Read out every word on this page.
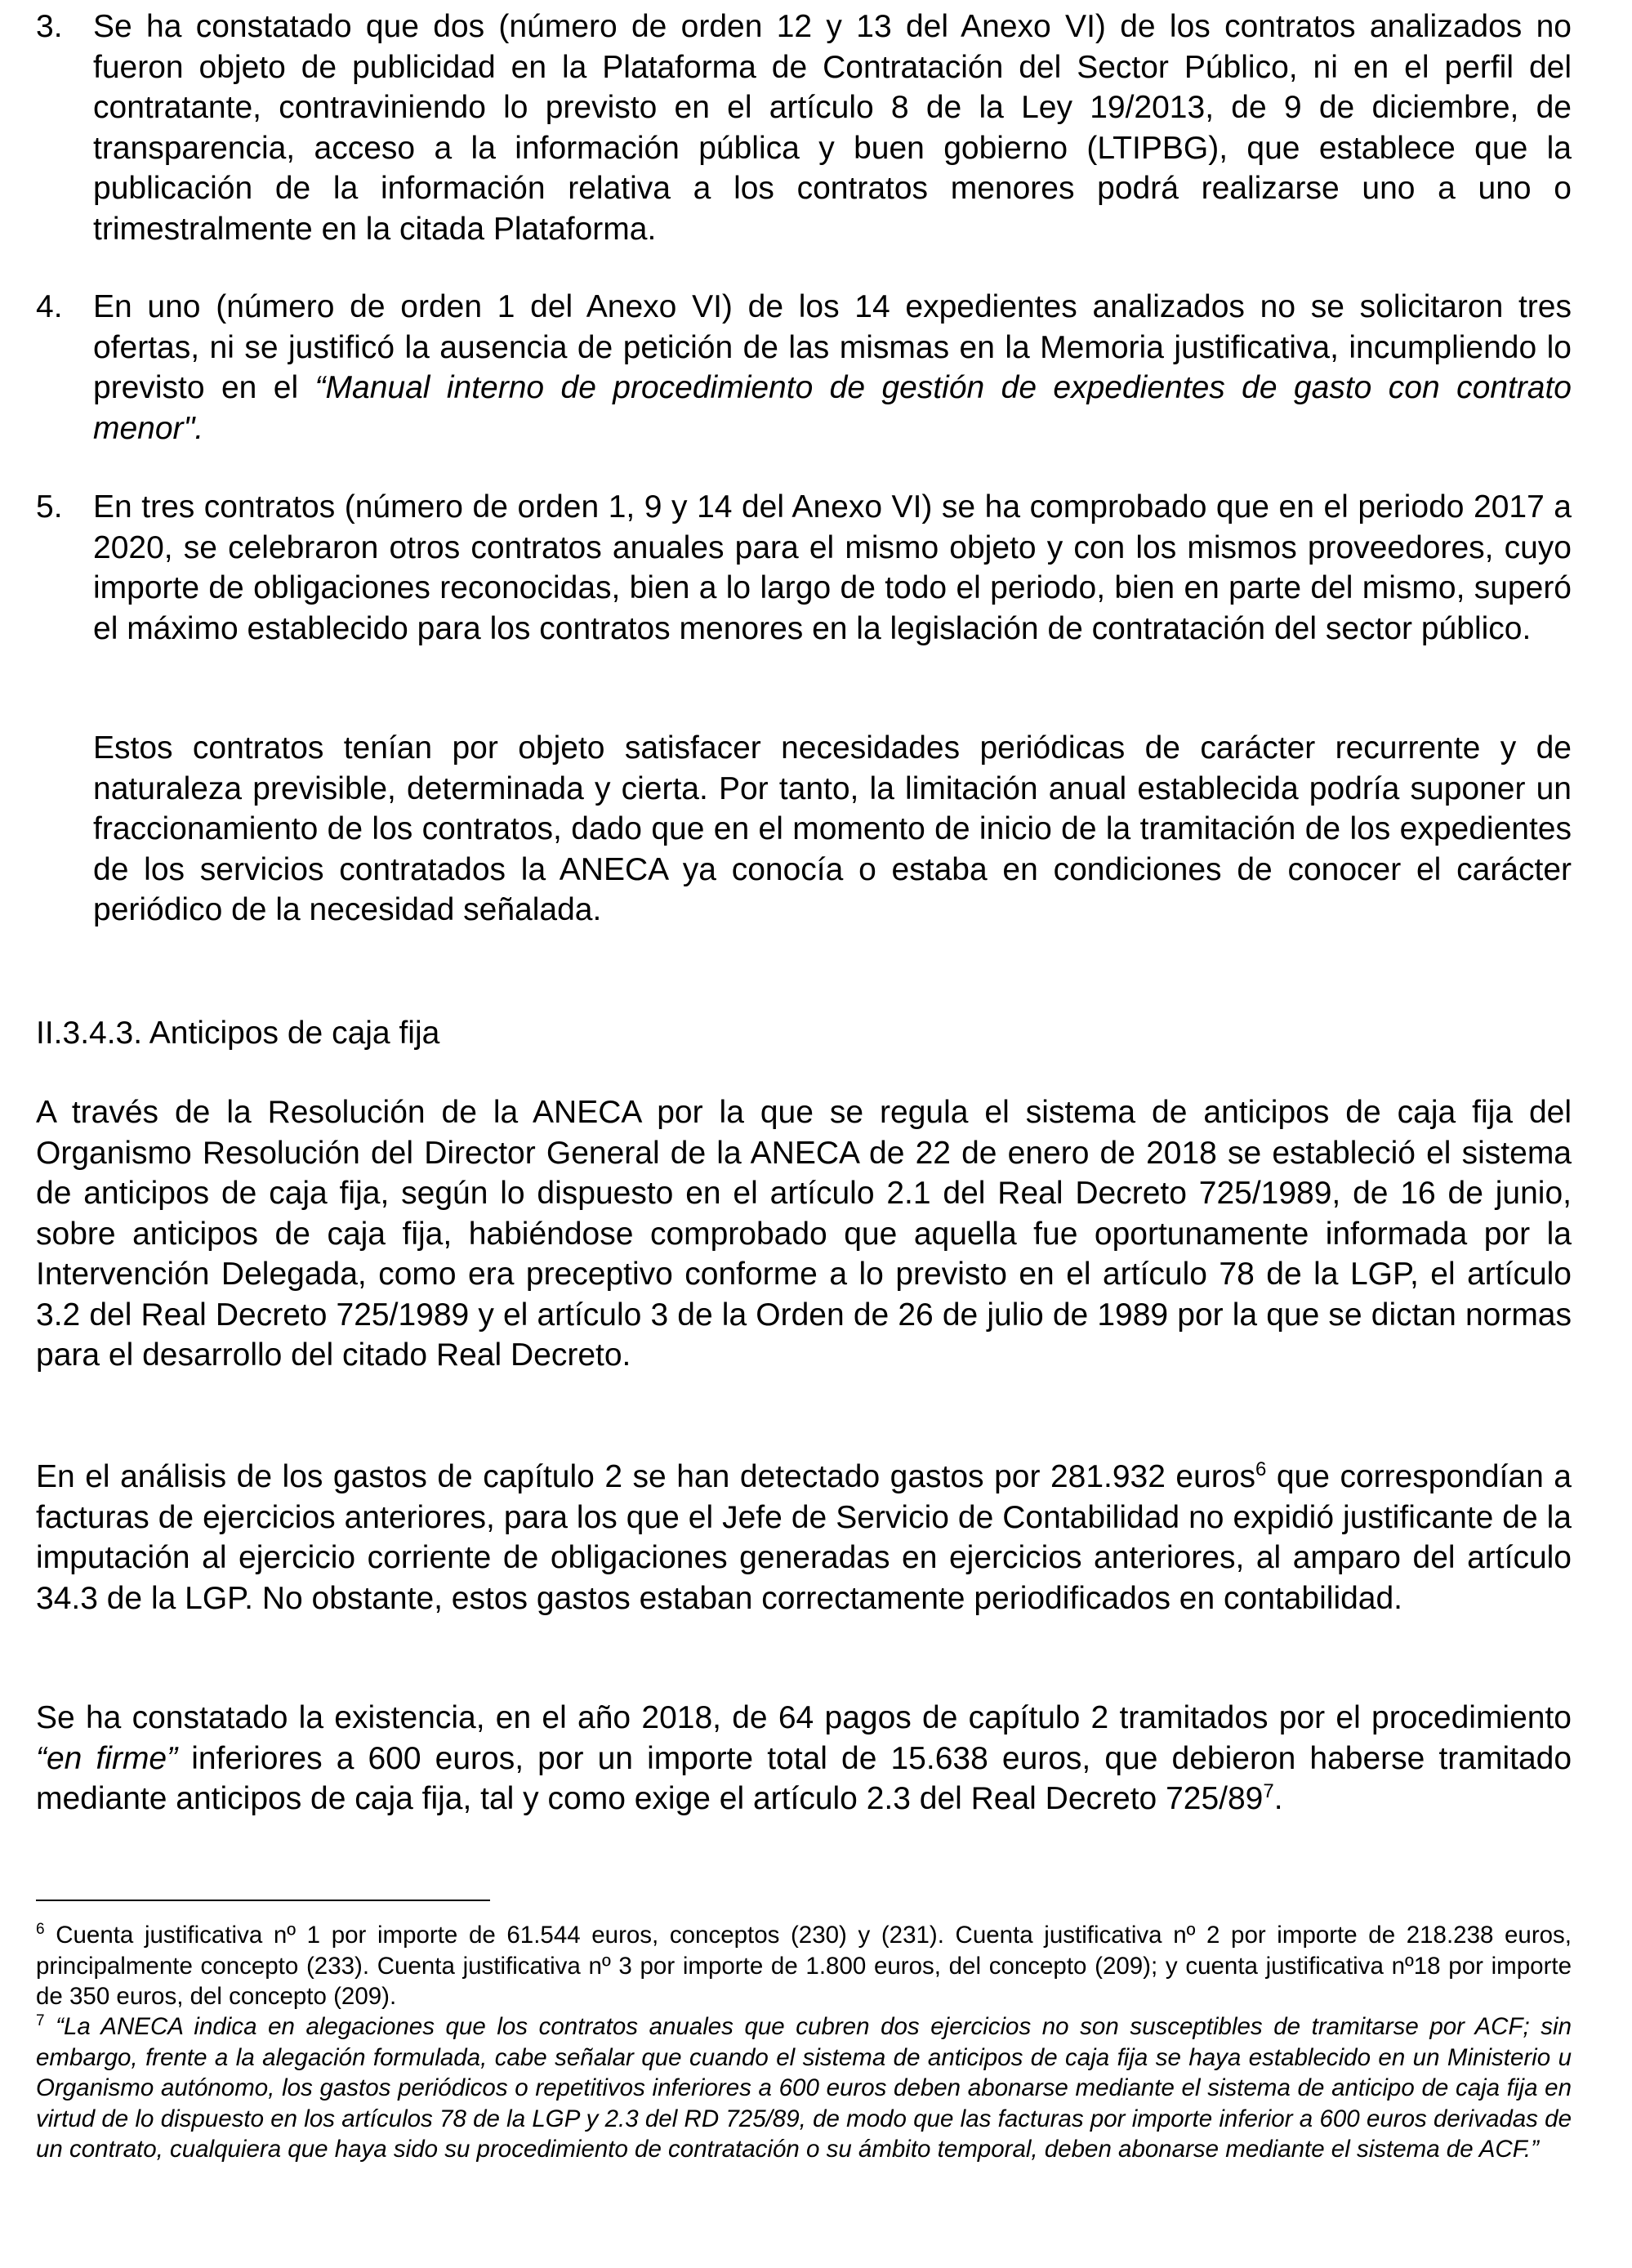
3. Se ha constatado que dos (número de orden 12 y 13 del Anexo VI) de los contratos analizados no fueron objeto de publicidad en la Plataforma de Contratación del Sector Público, ni en el perfil del contratante, contraviniendo lo previsto en el artículo 8 de la Ley 19/2013, de 9 de diciembre, de transparencia, acceso a la información pública y buen gobierno (LTIPBG), que establece que la publicación de la información relativa a los contratos menores podrá realizarse uno a uno o trimestralmente en la citada Plataforma.
4. En uno (número de orden 1 del Anexo VI) de los 14 expedientes analizados no se solicitaron tres ofertas, ni se justificó la ausencia de petición de las mismas en la Memoria justificativa, incumpliendo lo previsto en el “Manual interno de procedimiento de gestión de expedientes de gasto con contrato menor".
5. En tres contratos (número de orden 1, 9 y 14 del Anexo VI) se ha comprobado que en el periodo 2017 a 2020, se celebraron otros contratos anuales para el mismo objeto y con los mismos proveedores, cuyo importe de obligaciones reconocidas, bien a lo largo de todo el periodo, bien en parte del mismo, superó el máximo establecido para los contratos menores en la legislación de contratación del sector público.
Estos contratos tenían por objeto satisfacer necesidades periódicas de carácter recurrente y de naturaleza previsible, determinada y cierta. Por tanto, la limitación anual establecida podría suponer un fraccionamiento de los contratos, dado que en el momento de inicio de la tramitación de los expedientes de los servicios contratados la ANECA ya conocía o estaba en condiciones de conocer el carácter periódico de la necesidad señalada.
II.3.4.3. Anticipos de caja fija
A través de la Resolución de la ANECA por la que se regula el sistema de anticipos de caja fija del Organismo Resolución del Director General de la ANECA de 22 de enero de 2018 se estableció el sistema de anticipos de caja fija, según lo dispuesto en el artículo 2.1 del Real Decreto 725/1989, de 16 de junio, sobre anticipos de caja fija, habiéndose comprobado que aquella fue oportunamente informada por la Intervención Delegada, como era preceptivo conforme a lo previsto en el artículo 78 de la LGP, el artículo 3.2 del Real Decreto 725/1989 y el artículo 3 de la Orden de 26 de julio de 1989 por la que se dictan normas para el desarrollo del citado Real Decreto.
En el análisis de los gastos de capítulo 2 se han detectado gastos por 281.932 euros$^6$ que correspondían a facturas de ejercicios anteriores, para los que el Jefe de Servicio de Contabilidad no expidió justificante de la imputación al ejercicio corriente de obligaciones generadas en ejercicios anteriores, al amparo del artículo 34.3 de la LGP. No obstante, estos gastos estaban correctamente periodificados en contabilidad.
Se ha constatado la existencia, en el año 2018, de 64 pagos de capítulo 2 tramitados por el procedimiento “en firme” inferiores a 600 euros, por un importe total de 15.638 euros, que debieron haberse tramitado mediante anticipos de caja fija, tal y como exige el artículo 2.3 del Real Decreto $725/89^7$.
$^6$ Cuenta justificativa nº 1 por importe de 61.544 euros, conceptos (230) y (231). Cuenta justificativa nº 2 por importe de 218.238 euros, principalmente concepto (233). Cuenta justificativa nº 3 por importe de 1.800 euros, del concepto (209); y cuenta justificativa nº18 por importe de 350 euros, del concepto (209).
$^7$ “La ANECA indica en alegaciones que los contratos anuales que cubren dos ejercicios no son susceptibles de tramitarse por ACF; sin embargo, frente a la alegación formulada, cabe señalar que cuando el sistema de anticipos de caja fija se haya establecido en un Ministerio u Organismo autónomo, los gastos periódicos o repetitivos inferiores a 600 euros deben abonarse mediante el sistema de anticipo de caja fija en virtud de lo dispuesto en los artículos 78 de la LGP y 2.3 del RD 725/89, de modo que las facturas por importe inferior a 600 euros derivadas de un contrato, cualquiera que haya sido su procedimiento de contratación o su ámbito temporal, deben abonarse mediante el sistema de ACF.”
